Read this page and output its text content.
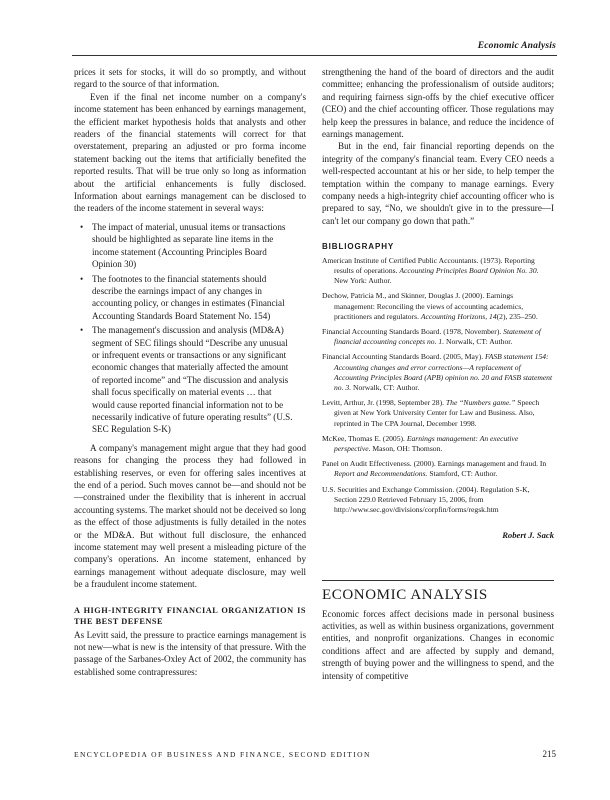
Economic Analysis

prices it sets for stocks, it will do so promptly, and without regard to the source of that information.

Even if the final net income number on a company's income statement has been enhanced by earnings management, the efficient market hypothesis holds that analysts and other readers of the financial statements will correct for that overstatement, preparing an adjusted or pro forma income statement backing out the items that artificially benefited the reported results. That will be true only so long as information about the artificial enhancements is fully disclosed. Information about earnings management can be disclosed to the readers of the income statement in several ways:

• The impact of material, unusual items or transactions should be highlighted as separate line items in the income statement (Accounting Principles Board Opinion 30)
• The footnotes to the financial statements should describe the earnings impact of any changes in accounting policy, or changes in estimates (Financial Accounting Standards Board Statement No. 154)
• The management's discussion and analysis (MD&A) segment of SEC filings should “Describe any unusual or infrequent events or transactions or any significant economic changes that materially affected the amount of reported income” and “The discussion and analysis shall focus specifically on material events … that would cause reported financial information not to be necessarily indicative of future operating results” (U.S. SEC Regulation S-K)

A company's management might argue that they had good reasons for changing the process they had followed in establishing reserves, or even for offering sales incentives at the end of a period. Such moves cannot be—and should not be—constrained under the flexibility that is inherent in accrual accounting systems. The market should not be deceived so long as the effect of those adjustments is fully detailed in the notes or the MD&A. But without full disclosure, the enhanced income statement may well present a misleading picture of the company's operations. An income statement, enhanced by earnings management without adequate disclosure, may well be a fraudulent income statement.

A HIGH-INTEGRITY FINANCIAL ORGANIZATION IS THE BEST DEFENSE

As Levitt said, the pressure to practice earnings management is not new—what is new is the intensity of that pressure. With the passage of the Sarbanes-Oxley Act of 2002, the community has established some contrapressures:

strengthening the hand of the board of directors and the audit committee; enhancing the professionalism of outside auditors; and requiring fairness sign-offs by the chief executive officer (CEO) and the chief accounting officer. Those regulations may help keep the pressures in balance, and reduce the incidence of earnings management.

But in the end, fair financial reporting depends on the integrity of the company's financial team. Every CEO needs a well-respected accountant at his or her side, to help temper the temptation within the company to manage earnings. Every company needs a high-integrity chief accounting officer who is prepared to say, “No, we shouldn't give in to the pressure—I can't let our company go down that path.”

BIBLIOGRAPHY
American Institute of Certified Public Accountants. (1973). Reporting results of operations. Accounting Principles Board Opinion No. 30. New York: Author.
Dechow, Patricia M., and Skinner, Douglas J. (2000). Earnings management: Reconciling the views of accounting academics, practitioners and regulators. Accounting Horizons, 14(2), 235–250.
Financial Accounting Standards Board. (1978, November). Statement of financial accounting concepts no. 1. Norwalk, CT: Author.
Financial Accounting Standards Board. (2005, May). FASB statement 154: Accounting changes and error corrections—A replacement of Accounting Principles Board (APB) opinion no. 20 and FASB statement no. 3. Norwalk, CT: Author.
Levitt, Arthur, Jr. (1998, September 28). The “Numbers game.” Speech given at New York University Center for Law and Business. Also, reprinted in The CPA Journal, December 1998.
McKee, Thomas E. (2005). Earnings management: An executive perspective. Mason, OH: Thomson.
Panel on Audit Effectiveness. (2000). Earnings management and fraud. In Report and Recommendations. Stamford, CT: Author.
U.S. Securities and Exchange Commission. (2004). Regulation S-K, Section 229.0 Retrieved February 15, 2006, from http://www.sec.gov/divisions/corpfin/forms/regsk.htm
Robert J. Sack
ECONOMIC ANALYSIS

Economic forces affect decisions made in personal business activities, as well as within business organizations, government entities, and nonprofit organizations. Changes in economic conditions affect and are affected by supply and demand, strength of buying power and the willingness to spend, and the intensity of competitive

ENCYCLOPEDIA OF BUSINESS AND FINANCE, SECOND EDITION	215
